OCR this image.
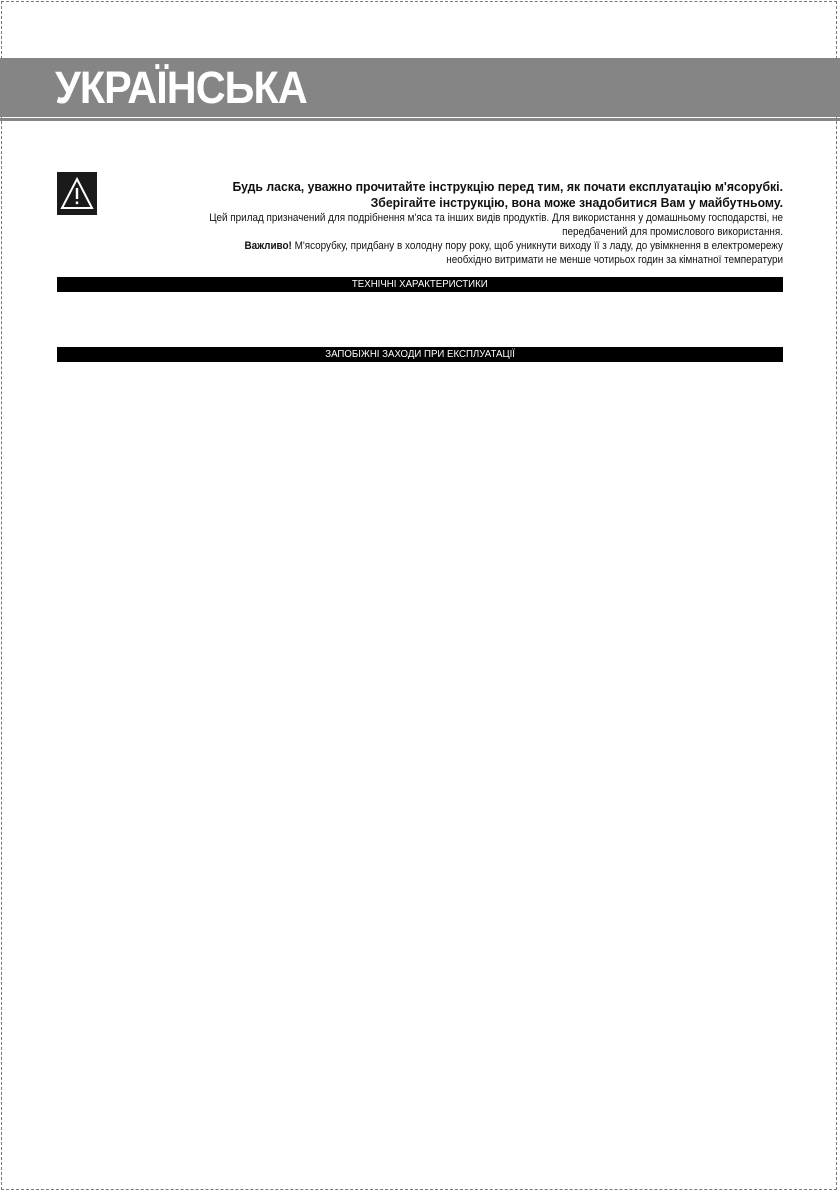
УКРАЇНСЬКА
Будь ласка, уважно прочитайте інструкцію перед тим, як почати експлуатацію м'ясорубкі.
Зберігайте інструкцію, вона може знадобитися Вам у майбутньому.
Цей прилад призначений для подрібнення м'яса та інших видів продуктів. Для використання у домашньому господарстві, не
передбачений для промислового використання.
Важливо! М'ясорубку, придбану в холодну пору року, щоб уникнути виходу її з ладу, до увімкнення в електромережу
необхідно витримати не менше чотирьох годин за кімнатної температури
ТЕХНІЧНІ ХАРАКТЕРИСТИКИ
ЗАПОБІЖНІ ЗАХОДИ ПРИ ЕКСПЛУАТАЦІЇ
